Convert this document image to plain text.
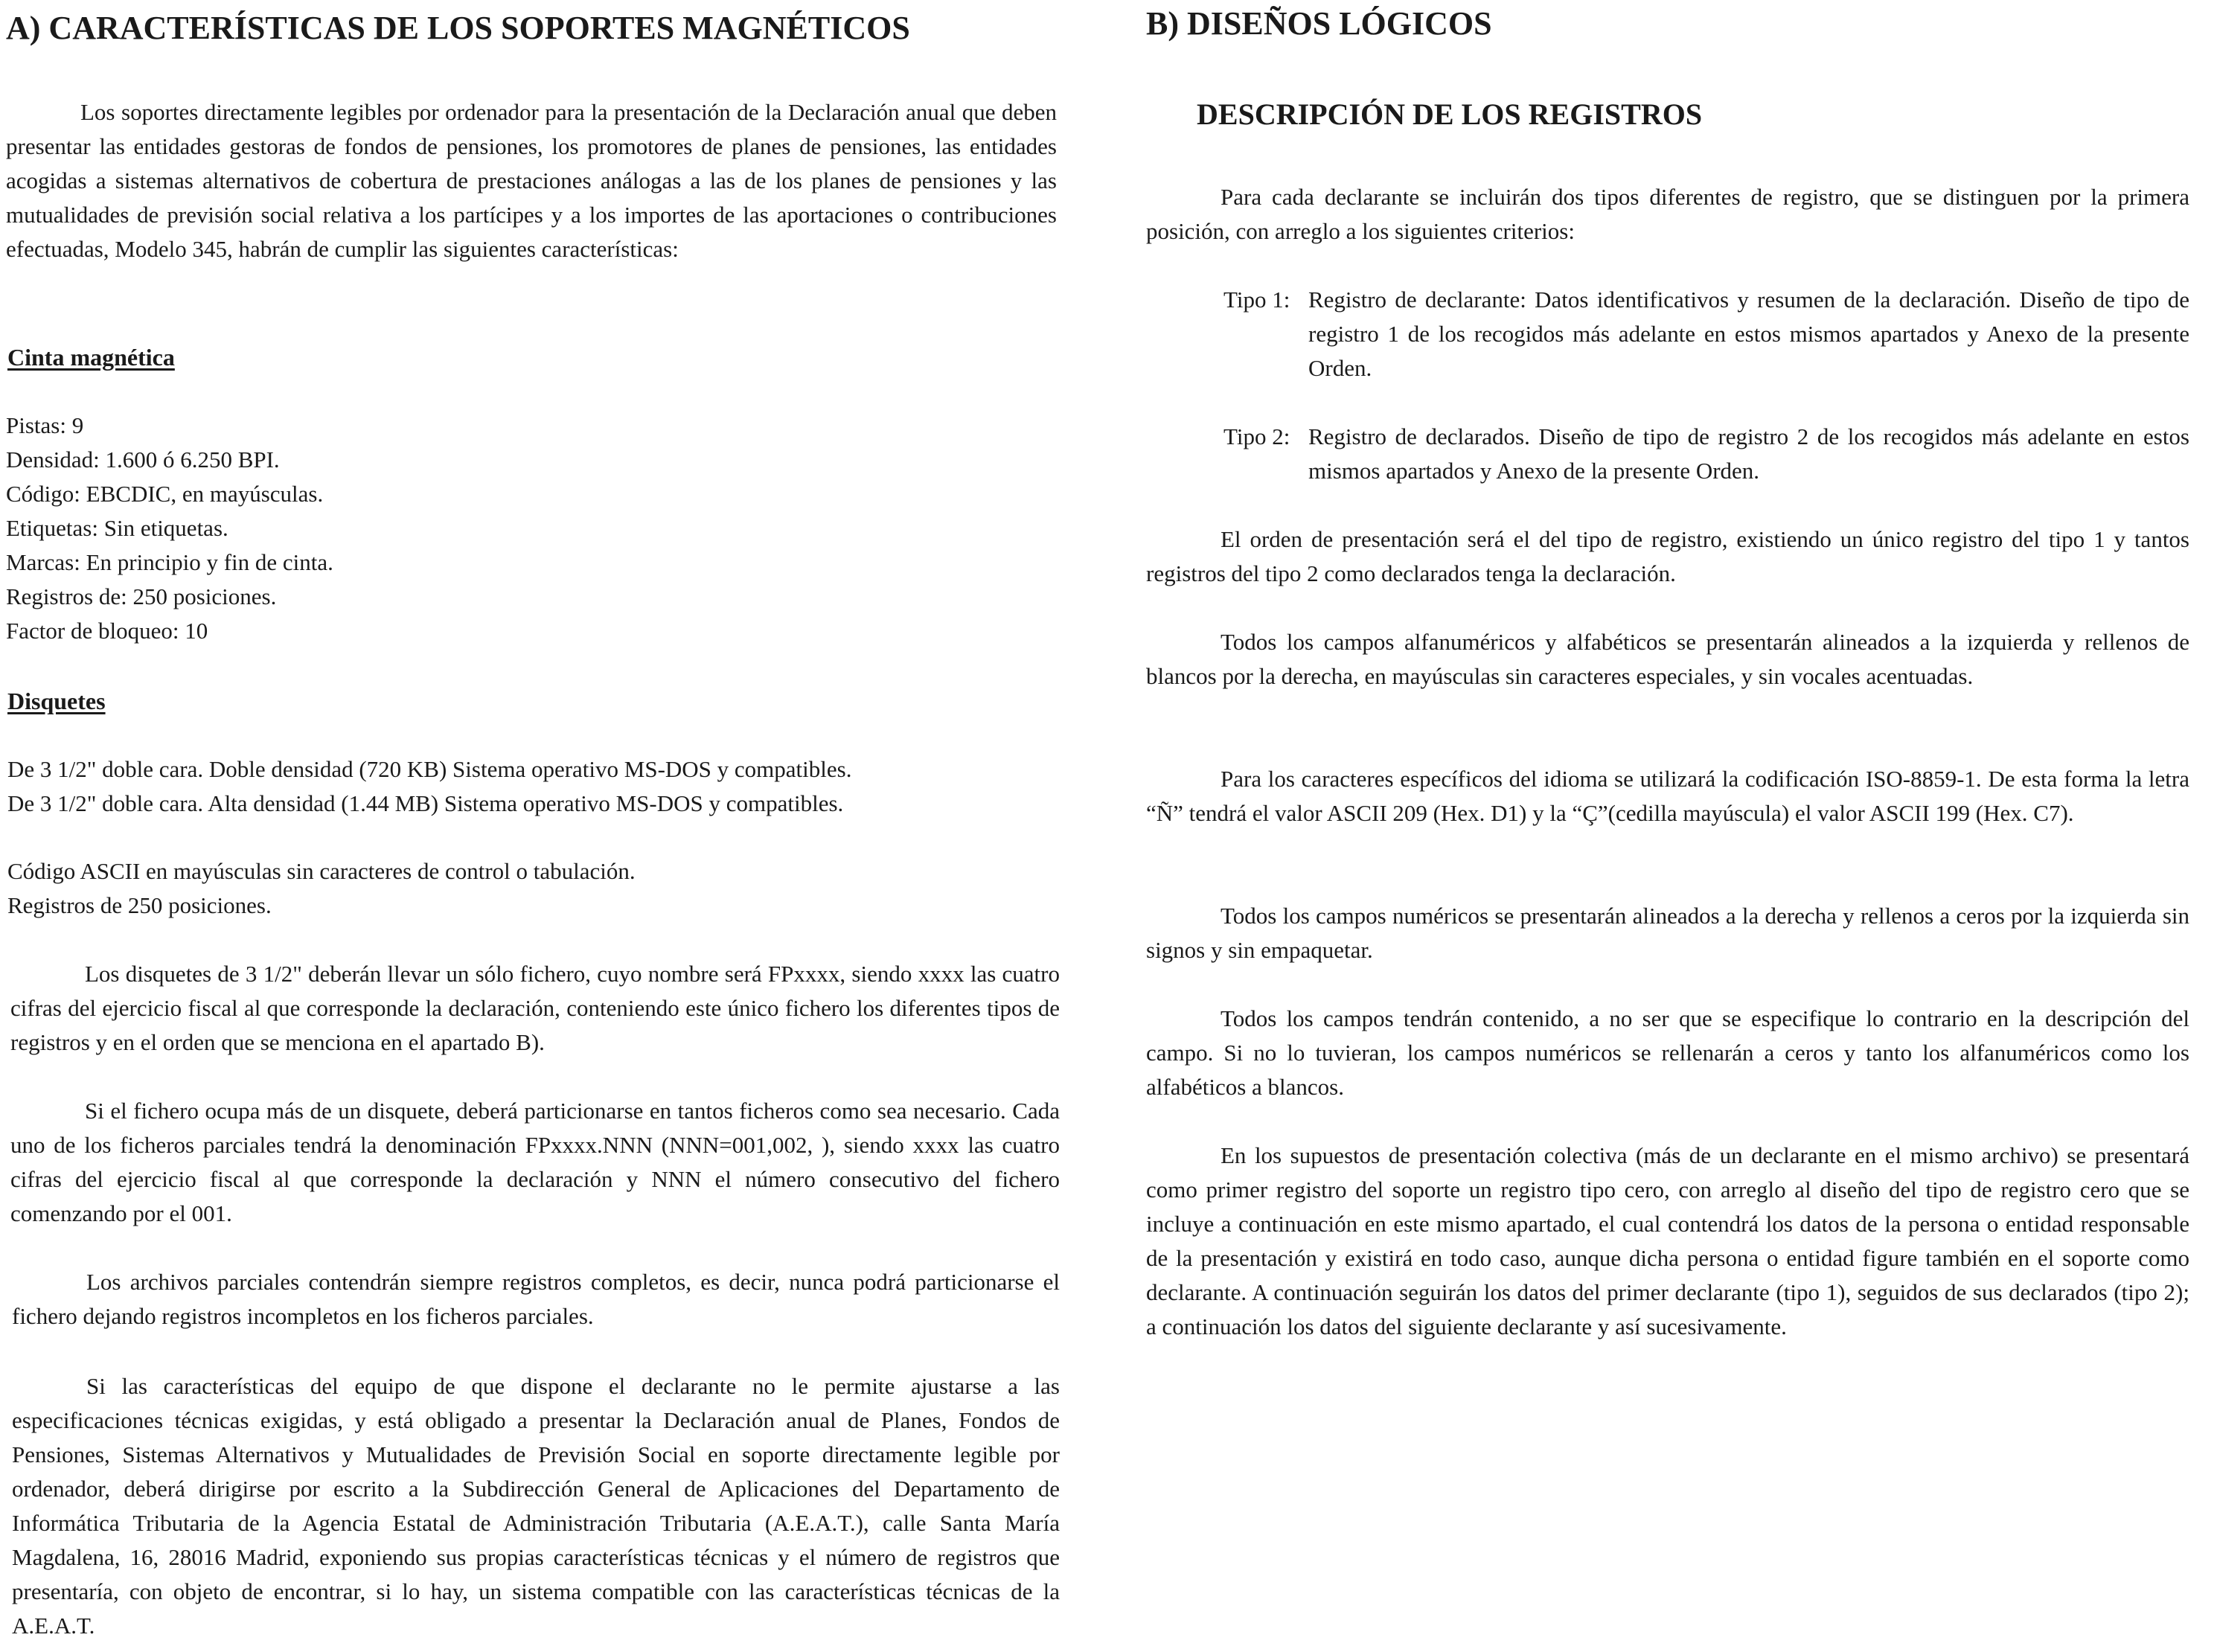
A) CARACTERÍSTICAS DE LOS SOPORTES MAGNÉTICOS

Los soportes directamente legibles por ordenador para la presentación de la Declaración anual que deben presentar las entidades gestoras de fondos de pensiones, los promotores de planes de pensiones, las entidades acogidas a sistemas alternativos de cobertura de prestaciones análogas a las de los planes de pensiones y las mutualidades de previsión social relativa a los partícipes y a los importes de las aportaciones o contribuciones efectuadas, Modelo 345, habrán de cumplir las siguientes características:

Cinta magnética
Pistas: 9
Densidad: 1.600 ó 6.250 BPI.
Código: EBCDIC, en mayúsculas.
Etiquetas: Sin etiquetas.
Marcas: En principio y fin de cinta.
Registros de: 250 posiciones.
Factor de bloqueo: 10
Disquetes
De 3 1/2" doble cara. Doble densidad (720 KB) Sistema operativo MS-DOS y compatibles.
De 3 1/2" doble cara. Alta densidad (1.44 MB) Sistema operativo MS-DOS y compatibles.
Código ASCII en mayúsculas sin caracteres de control o tabulación.
Registros de 250 posiciones.

Los disquetes de 3 1/2" deberán llevar un sólo fichero, cuyo nombre será FPxxxx, siendo xxxx las cuatro cifras del ejercicio fiscal al que corresponde la declaración, conteniendo este único fichero los diferentes tipos de registros y en el orden que se menciona en el apartado B).

Si el fichero ocupa más de un disquete, deberá particionarse en tantos ficheros como sea necesario. Cada uno de los ficheros parciales tendrá la denominación FPxxxx.NNN (NNN=001,002, ), siendo xxxx las cuatro cifras del ejercicio fiscal al que corresponde la declaración y NNN el número consecutivo del fichero comenzando por el 001.

Los archivos parciales contendrán siempre registros completos, es decir, nunca podrá particionarse el fichero dejando registros incompletos en los ficheros parciales.

Si las características del equipo de que dispone el declarante no le permite ajustarse a las especificaciones técnicas exigidas, y está obligado a presentar la Declaración anual de Planes, Fondos de Pensiones, Sistemas Alternativos y Mutualidades de Previsión Social en soporte directamente legible por ordenador, deberá dirigirse por escrito a la Subdirección General de Aplicaciones del Departamento de Informática Tributaria de la Agencia Estatal de Administración Tributaria (A.E.A.T.), calle Santa María Magdalena, 16, 28016 Madrid, exponiendo sus propias características técnicas y el número de registros que presentaría, con objeto de encontrar, si lo hay, un sistema compatible con las características técnicas de la A.E.A.T.

B) DISEÑOS LÓGICOS
DESCRIPCIÓN DE LOS REGISTROS

Para cada declarante se incluirán dos tipos diferentes de registro, que se distinguen por la primera posición, con arreglo a los siguientes criterios:

Tipo 1: Registro de declarante: Datos identificativos y resumen de la declaración. Diseño de tipo de registro 1 de los recogidos más adelante en estos mismos apartados y Anexo de la presente Orden.
Tipo 2: Registro de declarados. Diseño de tipo de registro 2 de los recogidos más adelante en estos mismos apartados y Anexo de la presente Orden.

El orden de presentación será el del tipo de registro, existiendo un único registro del tipo 1 y tantos registros del tipo 2 como declarados tenga la declaración.

Todos los campos alfanuméricos y alfabéticos se presentarán alineados a la izquierda y rellenos de blancos por la derecha, en mayúsculas sin caracteres especiales, y sin vocales acentuadas.

Para los caracteres específicos del idioma se utilizará la codificación ISO-8859-1. De esta forma la letra “Ñ” tendrá el valor ASCII 209 (Hex. D1) y la “Ç”(cedilla mayúscula) el valor ASCII 199 (Hex. C7).

Todos los campos numéricos se presentarán alineados a la derecha y rellenos a ceros por la izquierda sin signos y sin empaquetar.

Todos los campos tendrán contenido, a no ser que se especifique lo contrario en la descripción del campo. Si no lo tuvieran, los campos numéricos se rellenarán a ceros y tanto los alfanuméricos como los alfabéticos a blancos.

En los supuestos de presentación colectiva (más de un declarante en el mismo archivo) se presentará como primer registro del soporte un registro tipo cero, con arreglo al diseño del tipo de registro cero que se incluye a continuación en este mismo apartado, el cual contendrá los datos de la persona o entidad responsable de la presentación y existirá en todo caso, aunque dicha persona o entidad figure también en el soporte como declarante. A continuación seguirán los datos del primer declarante (tipo 1), seguidos de sus declarados (tipo 2); a continuación los datos del siguiente declarante y así sucesivamente.
